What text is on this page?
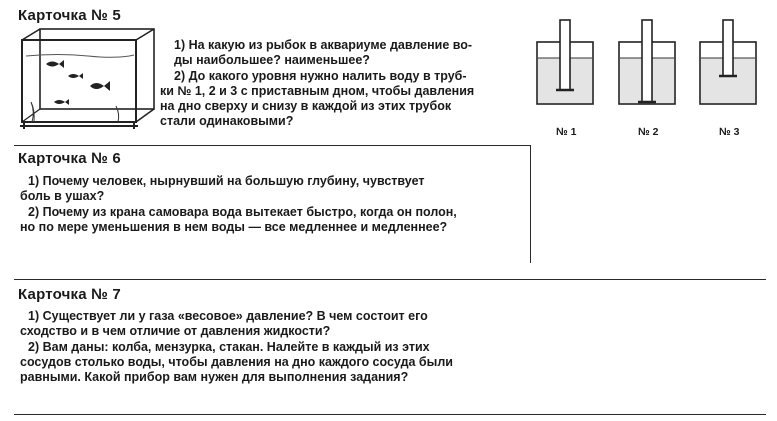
Карточка № 5
1) На какую из рыбок в аквариуме давление во-
ды наибольшее? наименьшее?
2) До какого уровня нужно налить воду в труб-
ки № 1, 2 и 3 с приставным дном, чтобы давления
на дно сверху и снизу в каждой из этих трубок
стали одинаковыми?
№ 1	№ 2	№ 3
Карточка № 6
1) Почему человек, нырнувший на большую глубину, чувствует
боль в ушах?
2) Почему из крана самовара вода вытекает быстро, когда он полон,
но по мере уменьшения в нем воды — все медленнее и медленнее?
Карточка № 7
1) Существует ли у газа «весовое» давление? В чем состоит его
сходство и в чем отличие от давления жидкости?
2) Вам даны: колба, мензурка, стакан. Налейте в каждый из этих
сосудов столько воды, чтобы давления на дно каждого сосуда были
равными. Какой прибор вам нужен для выполнения задания?
